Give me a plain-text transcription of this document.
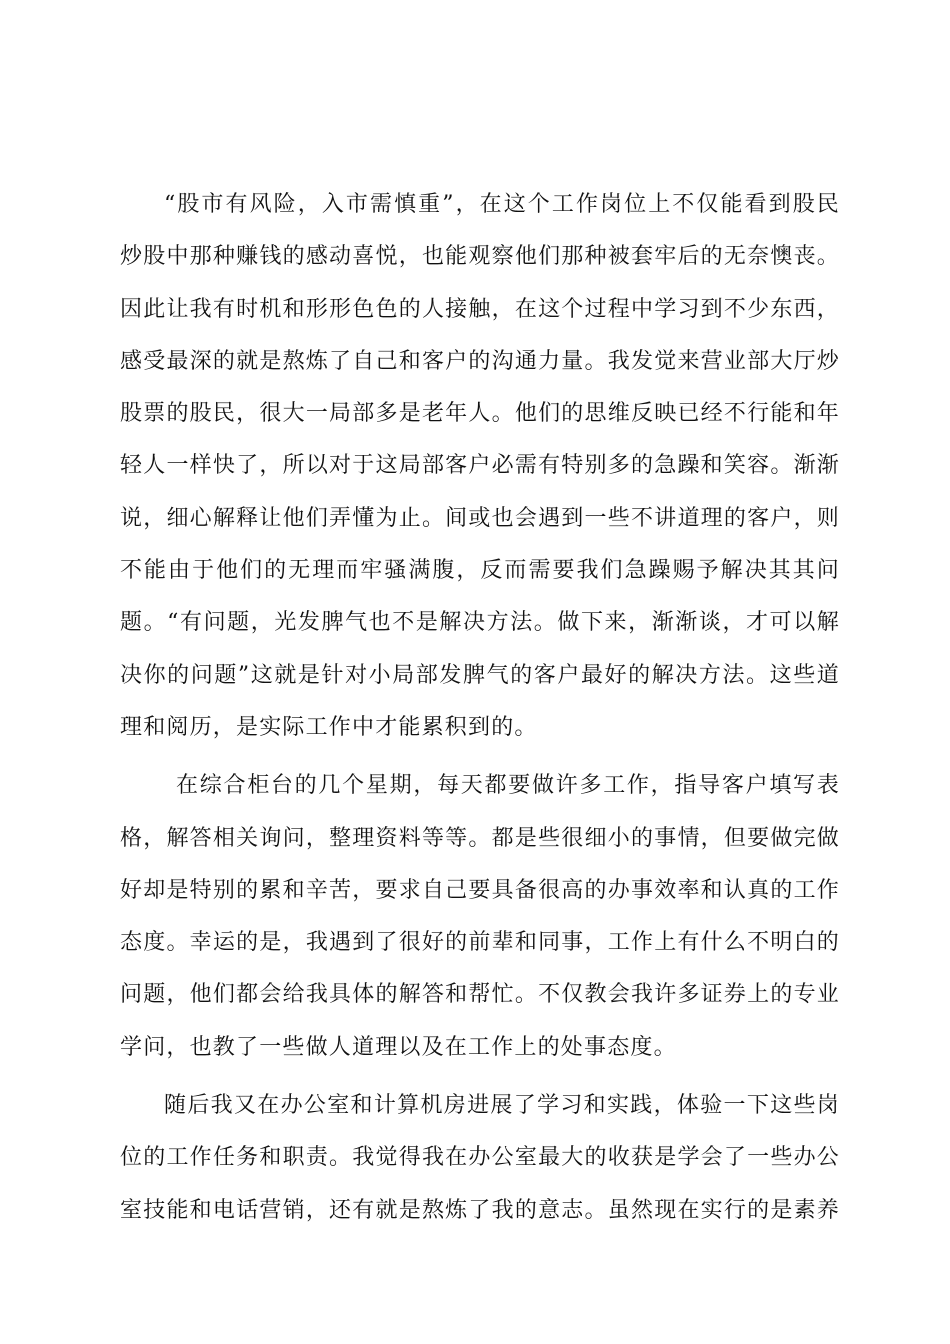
“股市有风险，入市需慎重”，在这个工作岗位上不仅能看到股民
炒股中那种赚钱的感动喜悦，也能观察他们那种被套牢后的无奈懊丧。
因此让我有时机和形形色色的人接触，在这个过程中学习到不少东西，
感受最深的就是熬炼了自己和客户的沟通力量。我发觉来营业部大厅炒
股票的股民，很大一局部多是老年人。他们的思维反映已经不行能和年
轻人一样快了，所以对于这局部客户必需有特别多的急躁和笑容。渐渐
说，细心解释让他们弄懂为止。间或也会遇到一些不讲道理的客户，则
不能由于他们的无理而牢骚满腹，反而需要我们急躁赐予解决其其问
题。“有问题，光发脾气也不是解决方法。做下来，渐渐谈，才可以解
决你的问题”这就是针对小局部发脾气的客户最好的解决方法。这些道
理和阅历，是实际工作中才能累积到的。
在综合柜台的几个星期，每天都要做许多工作，指导客户填写表
格，解答相关询问，整理资料等等。都是些很细小的事情，但要做完做
好却是特别的累和辛苦，要求自己要具备很高的办事效率和认真的工作
态度。幸运的是，我遇到了很好的前辈和同事，工作上有什么不明白的
问题，他们都会给我具体的解答和帮忙。不仅教会我许多证券上的专业
学问，也教了一些做人道理以及在工作上的处事态度。
随后我又在办公室和计算机房进展了学习和实践，体验一下这些岗
位的工作任务和职责。我觉得我在办公室最大的收获是学会了一些办公
室技能和电话营销，还有就是熬炼了我的意志。虽然现在实行的是素养
